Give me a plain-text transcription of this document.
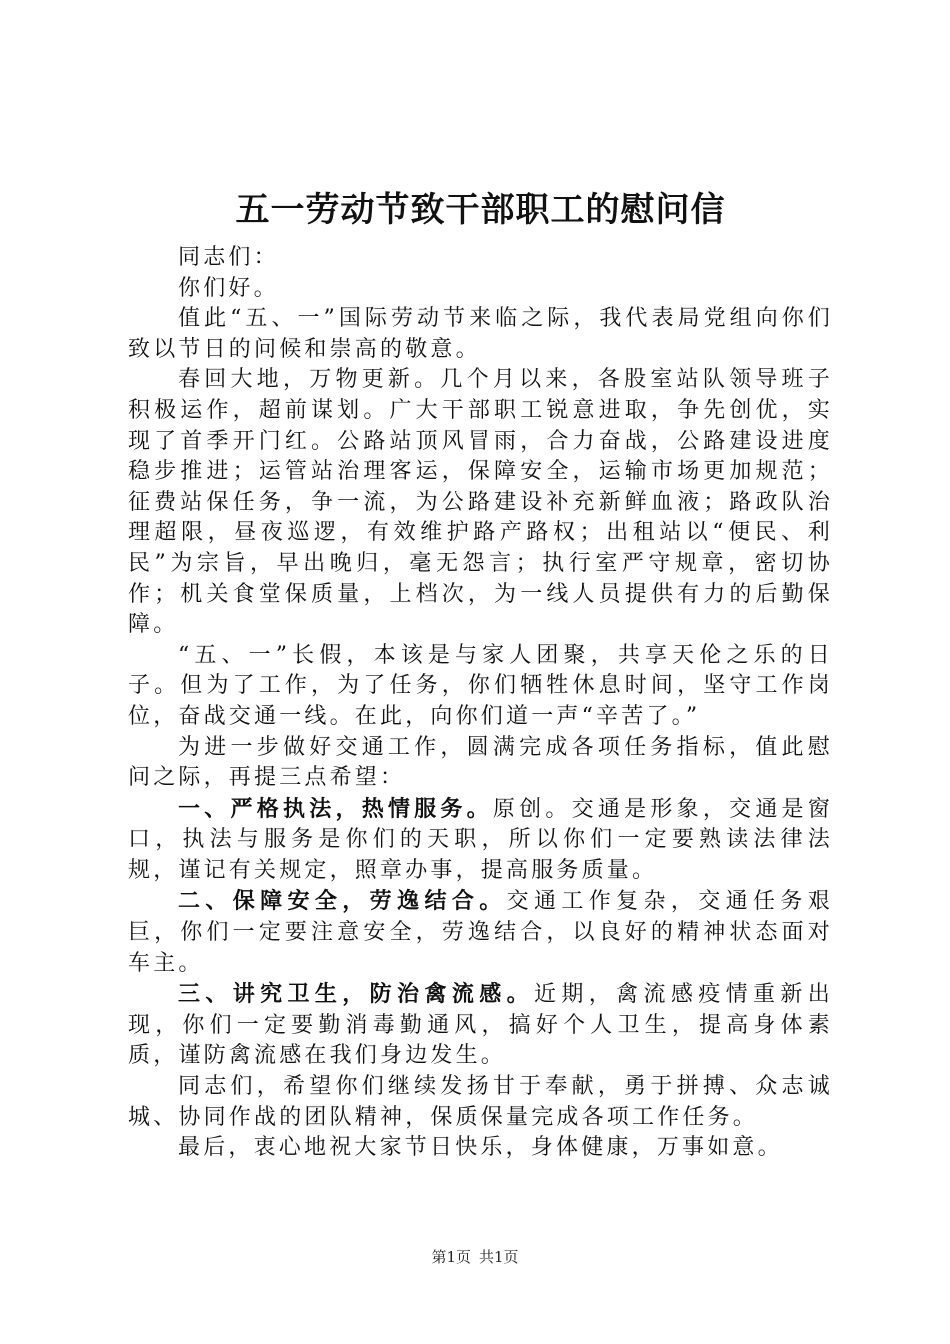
五一劳动节致干部职工的慰问信

同志们：

你们好。

值此“五、一”国际劳动节来临之际，我代表局党组向你们致以节日的问候和崇高的敬意。

春回大地，万物更新。几个月以来，各股室站队领导班子积极运作，超前谋划。广大干部职工锐意进取，争先创优，实现了首季开门红。公路站顶风冒雨，合力奋战，公路建设进度稳步推进；运管站治理客运，保障安全，运输市场更加规范；征费站保任务，争一流，为公路建设补充新鲜血液；路政队治理超限，昼夜巡逻，有效维护路产路权；出租站以“便民、利民”为宗旨，早出晚归，毫无怨言；执行室严守规章，密切协作；机关食堂保质量，上档次，为一线人员提供有力的后勤保障。

“五、一”长假，本该是与家人团聚，共享天伦之乐的日子。但为了工作，为了任务，你们牺牲休息时间，坚守工作岗位，奋战交通一线。在此，向你们道一声“辛苦了。”

为进一步做好交通工作，圆满完成各项任务指标，值此慰问之际，再提三点希望：

一、严格执法，热情服务。原创。交通是形象，交通是窗口，执法与服务是你们的天职，所以你们一定要熟读法律法规，谨记有关规定，照章办事，提高服务质量。

二、保障安全，劳逸结合。交通工作复杂，交通任务艰巨，你们一定要注意安全，劳逸结合，以良好的精神状态面对车主。

三、讲究卫生，防治禽流感。近期，禽流感疫情重新出现，你们一定要勤消毒勤通风，搞好个人卫生，提高身体素质，谨防禽流感在我们身边发生。

同志们，希望你们继续发扬甘于奉献，勇于拼搏、众志诚城、协同作战的团队精神，保质保量完成各项工作任务。

最后，衷心地祝大家节日快乐，身体健康，万事如意。

第1页 共1页
